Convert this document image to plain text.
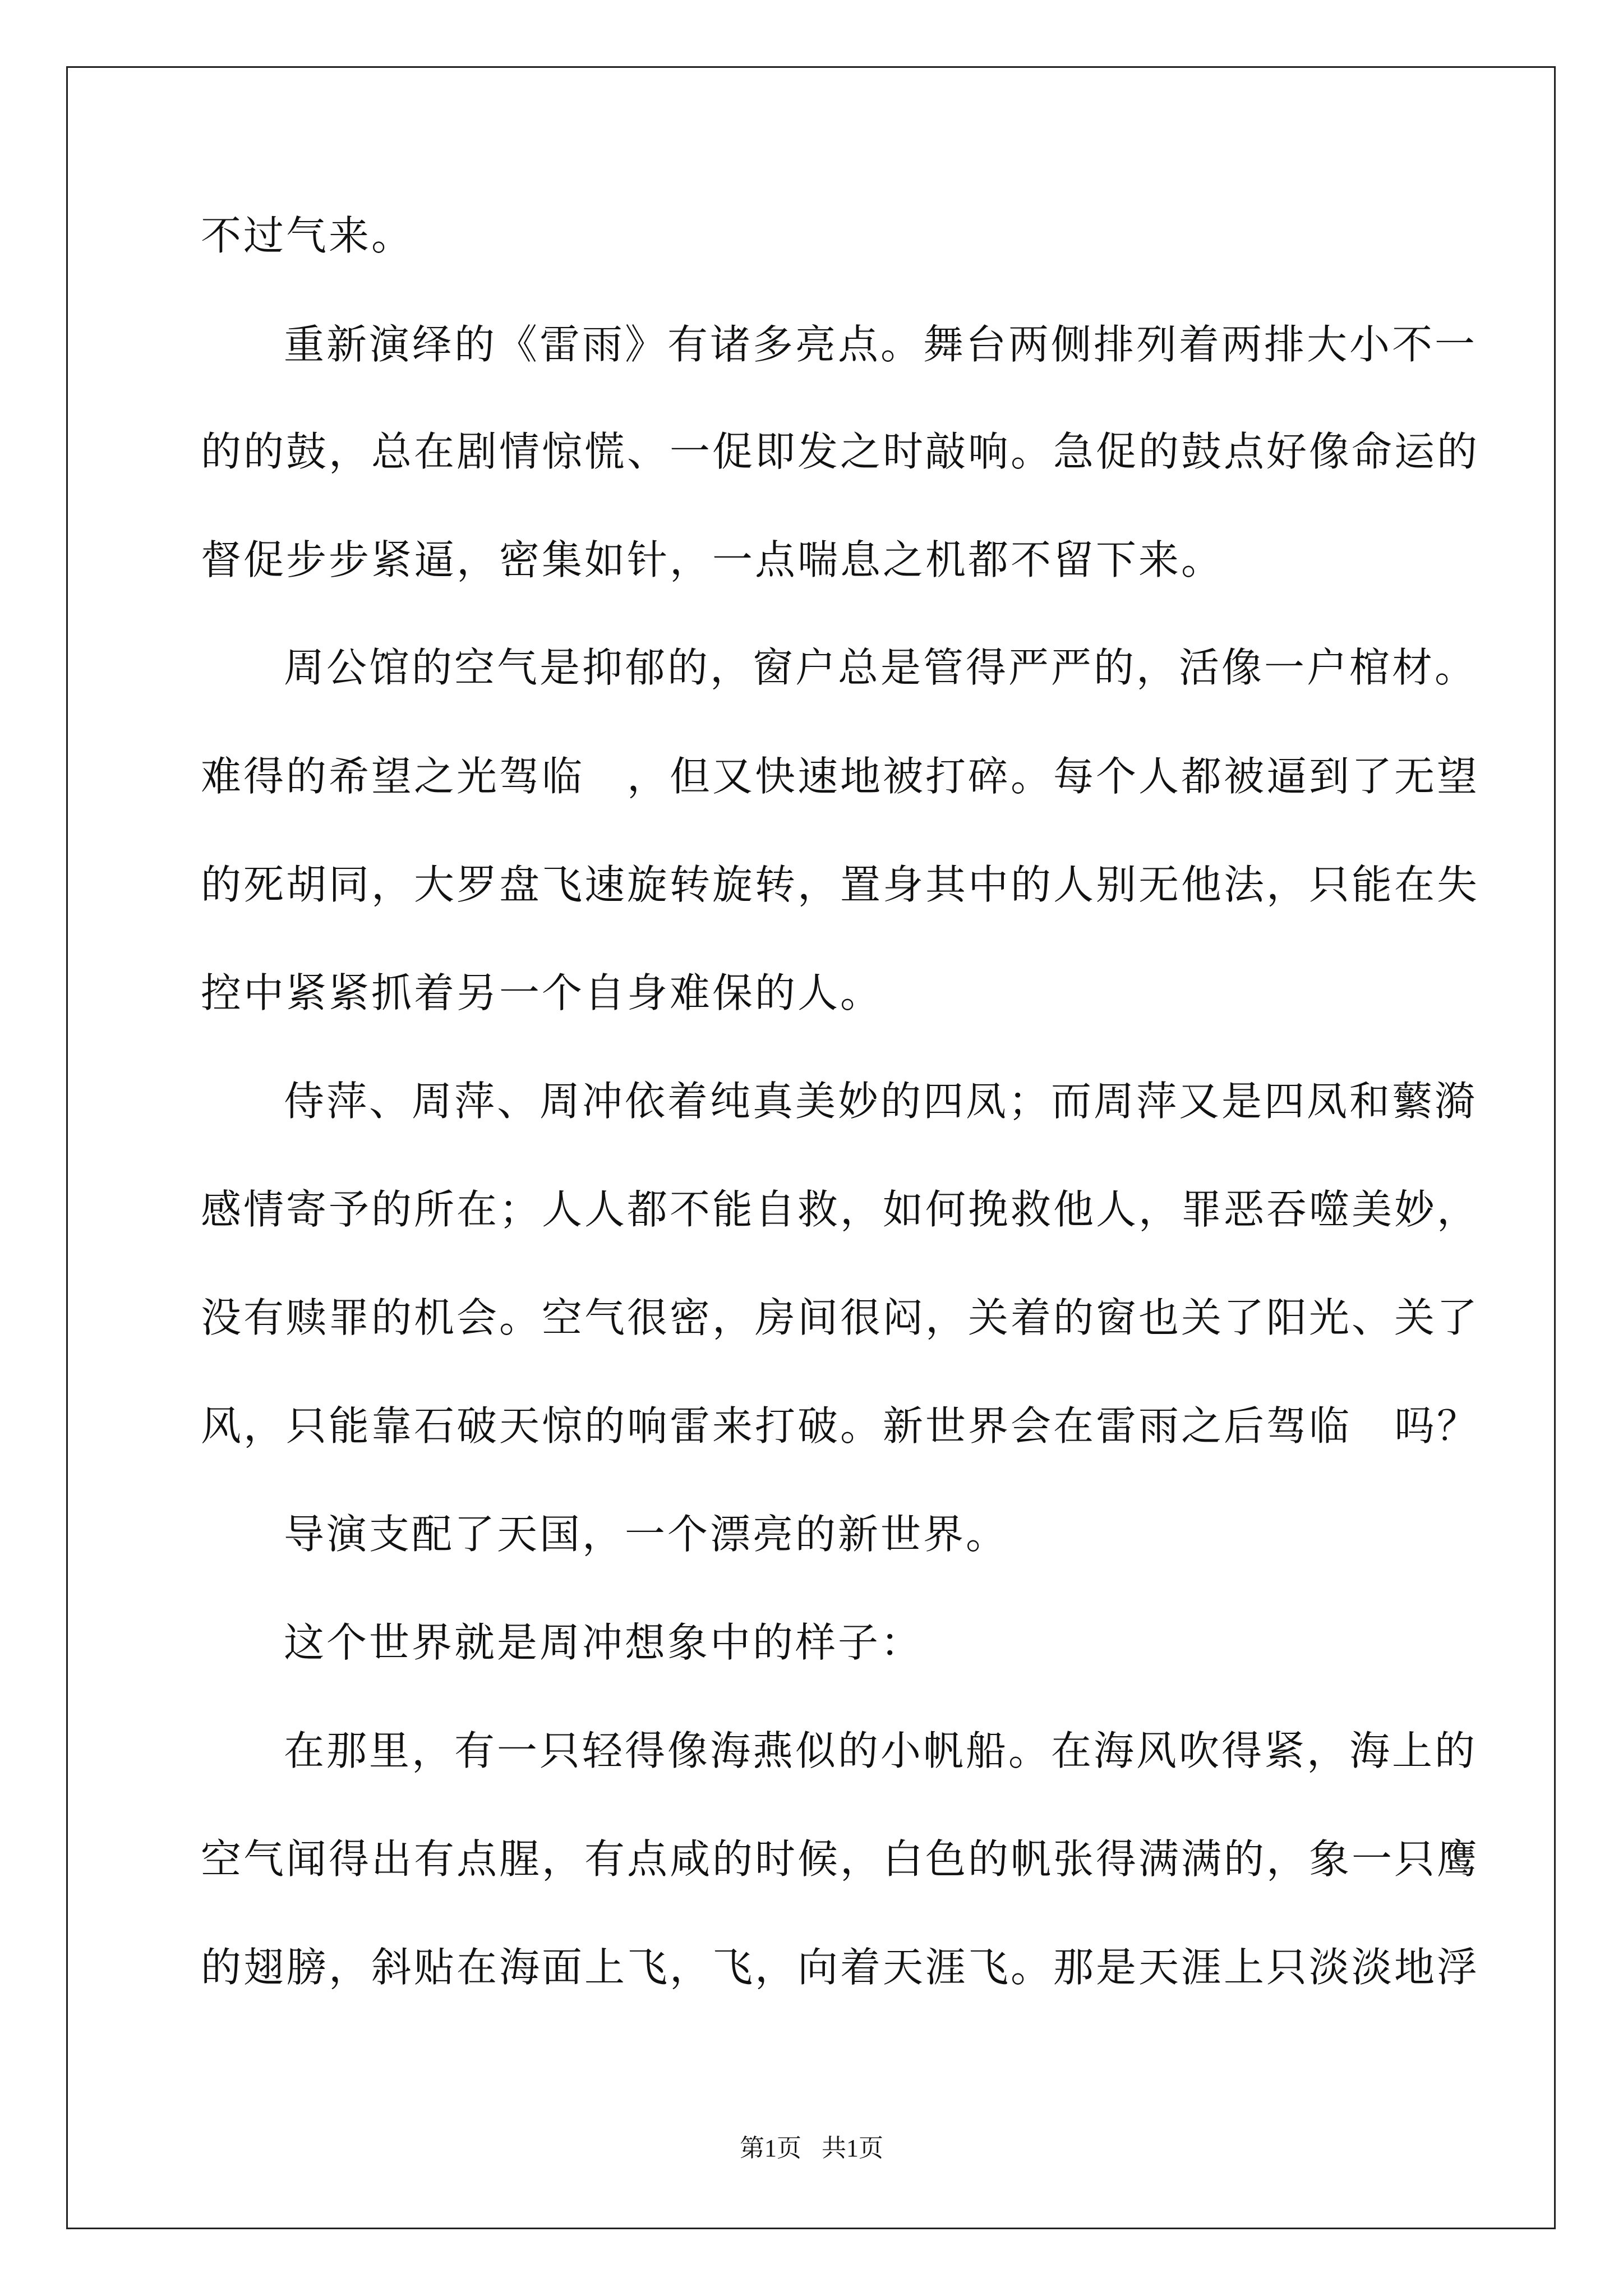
不过气来。
重新演绎的《雷雨》有诸多亮点。舞台两侧排列着两排大小不一
的的鼓，总在剧情惊慌、一促即发之时敲响。急促的鼓点好像命运的
督促步步紧逼，密集如针，一点喘息之机都不留下来。
周公馆的空气是抑郁的，窗户总是管得严严的，活像一户棺材。
难得的希望之光驾临　，但又快速地被打碎。每个人都被逼到了无望
的死胡同，大罗盘飞速旋转旋转，置身其中的人别无他法，只能在失
控中紧紧抓着另一个自身难保的人。
侍萍、周萍、周冲依着纯真美妙的四凤；而周萍又是四凤和蘩漪
感情寄予的所在；人人都不能自救，如何挽救他人，罪恶吞噬美妙，
没有赎罪的机会。空气很密，房间很闷，关着的窗也关了阳光、关了
风，只能靠石破天惊的响雷来打破。新世界会在雷雨之后驾临　吗？
导演支配了天国，一个漂亮的新世界。
这个世界就是周冲想象中的样子：
在那里，有一只轻得像海燕似的小帆船。在海风吹得紧，海上的
空气闻得出有点腥，有点咸的时候，白色的帆张得满满的，象一只鹰
的翅膀，斜贴在海面上飞，飞，向着天涯飞。那是天涯上只淡淡地浮
第1页 共1页
